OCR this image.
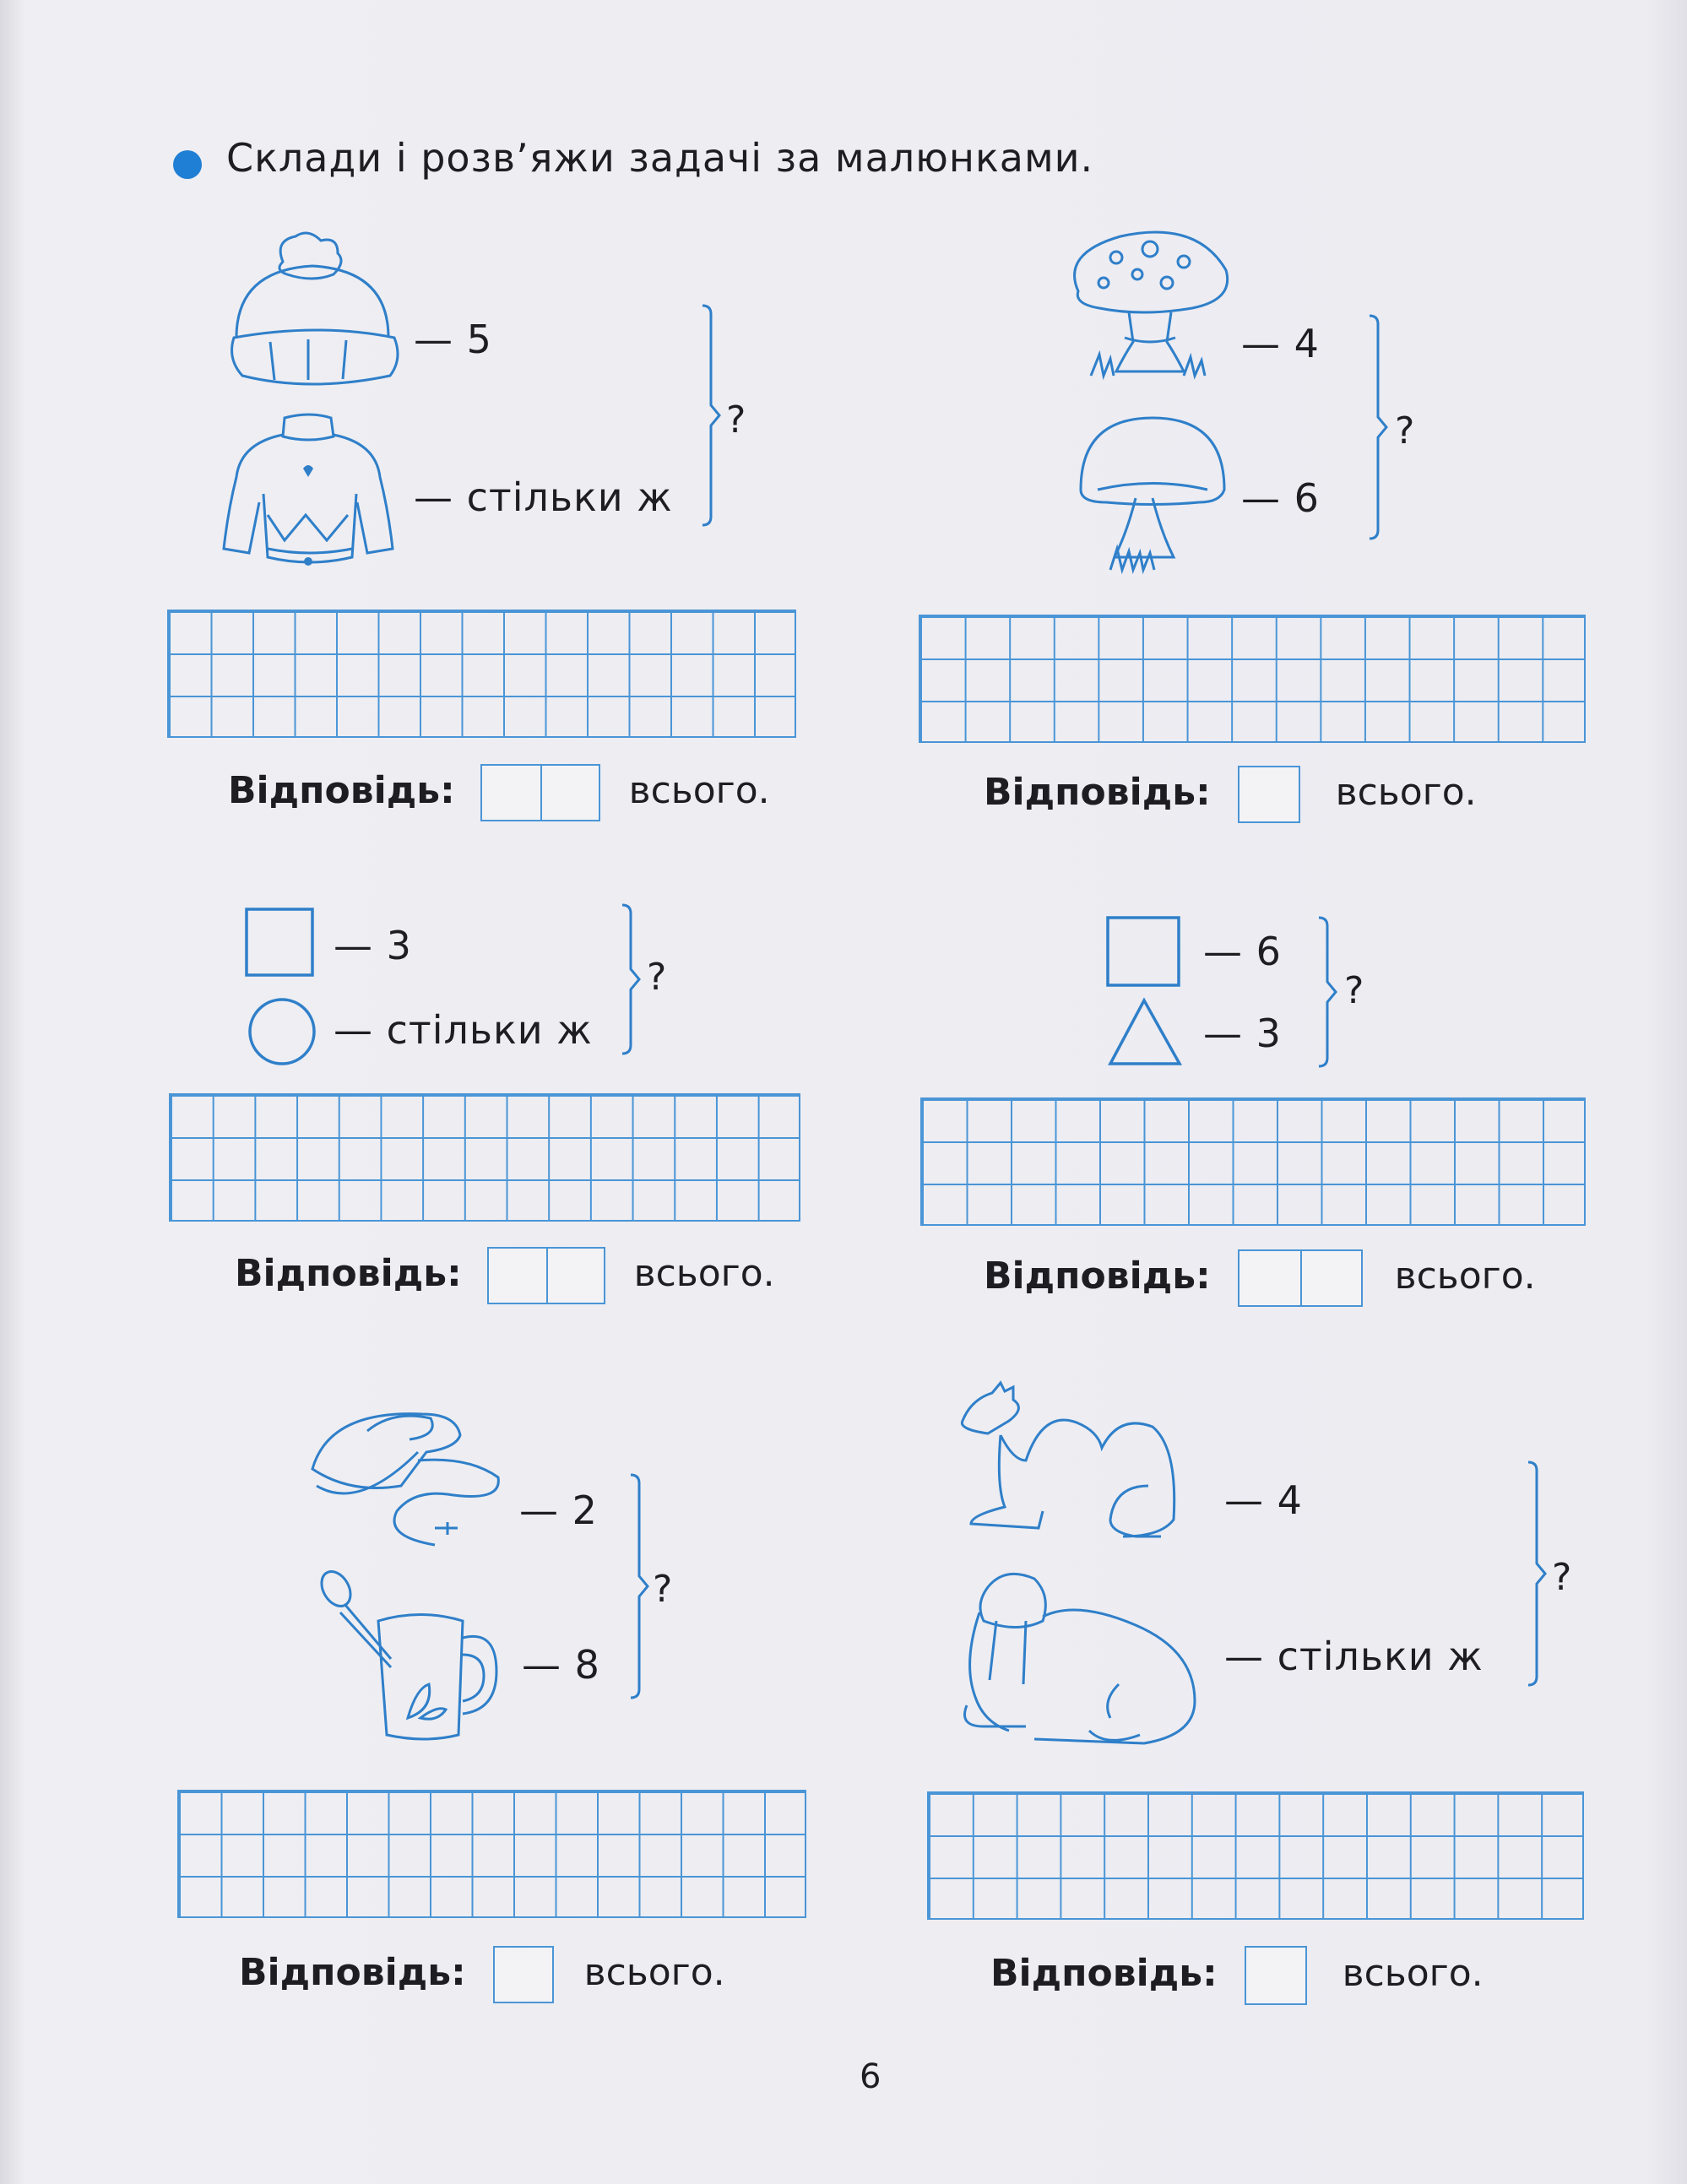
Склади і розв’яжи задачі за малюнками.
— 5
— стільки ж
?
Відповідь:	всього.
— 4
— 6
?
Відповідь:	всього.
— 3
— стільки ж
?
Відповідь:	всього.
— 6
— 3
?
Відповідь:	всього.
— 2
— 8
?
Відповідь:	всього.
— 4
— стільки ж
?
Відповідь:	всього.
6
